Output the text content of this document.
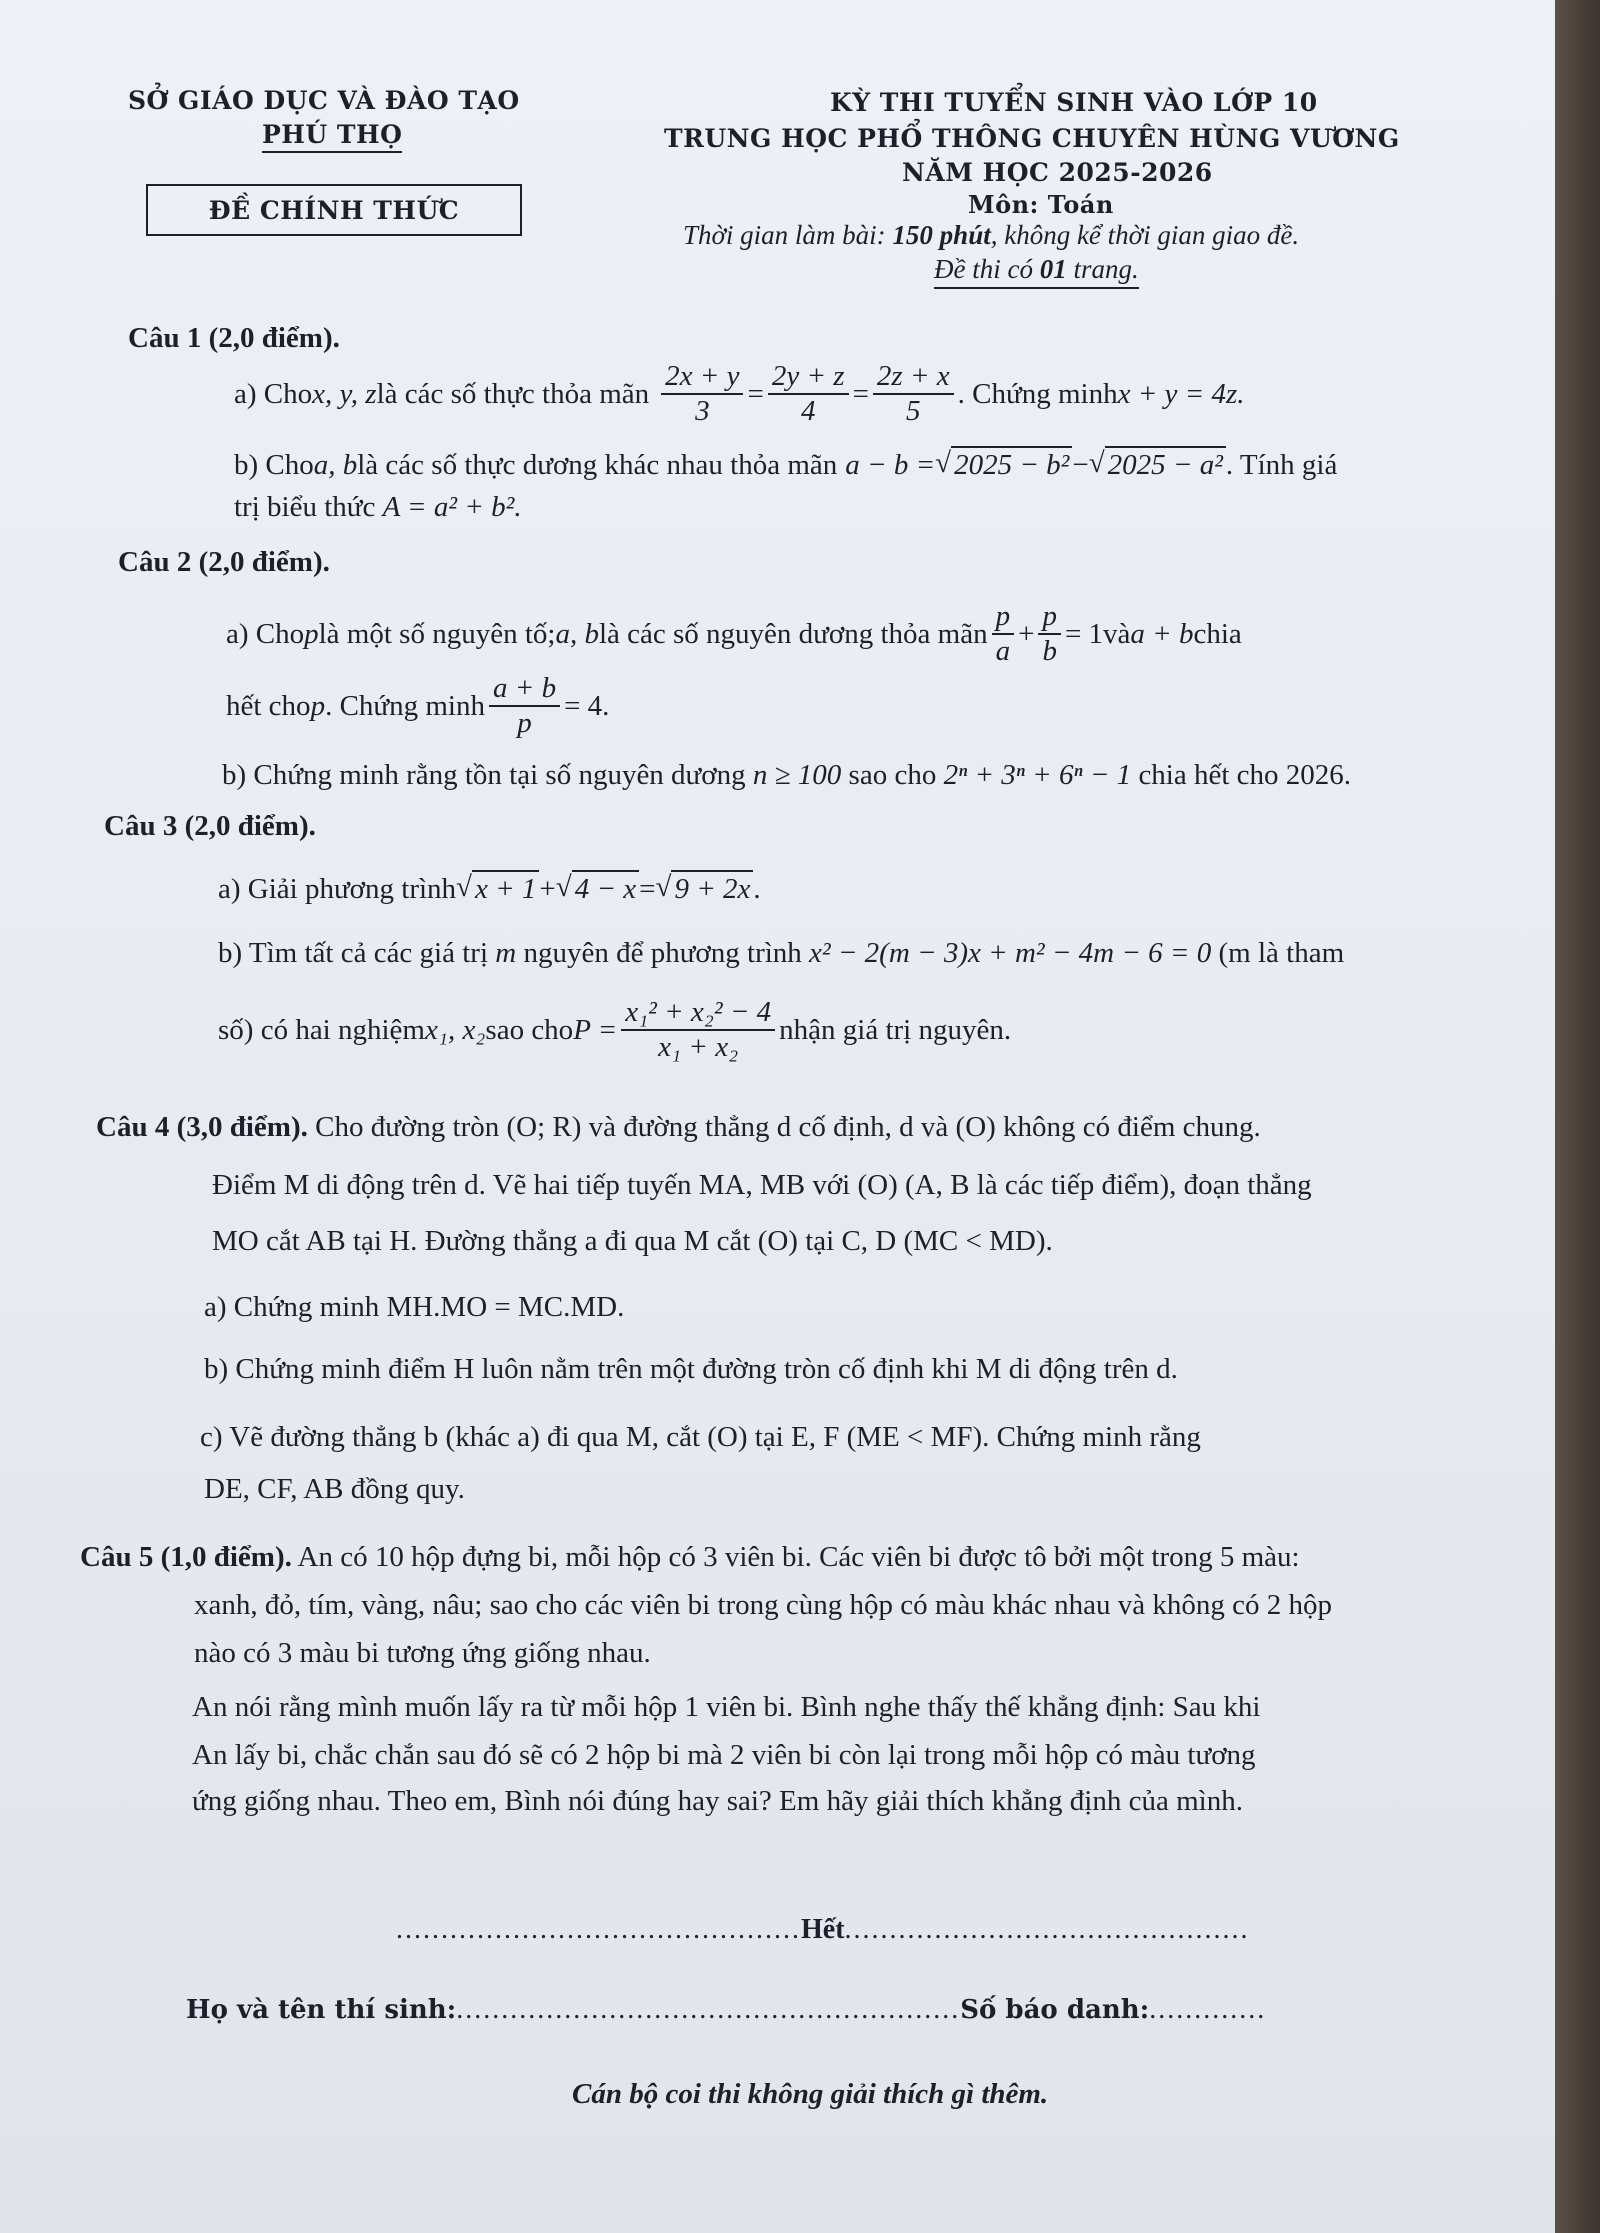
SỞ GIÁO DỤC VÀ ĐÀO TẠO
PHÚ THỌ
ĐỀ CHÍNH THỨC
KỲ THI TUYỂN SINH VÀO LỚP 10
TRUNG HỌC PHỔ THÔNG CHUYÊN HÙNG VƯƠNG
NĂM HỌC 2025-2026
Môn: Toán
Thời gian làm bài: 150 phút, không kể thời gian giao đề.
Đề thi có 01 trang.
Câu 1 (2,0 điểm).
a) Cho x, y, z là các số thực thỏa mãn $\frac{2x + y}{3} = \frac{2y + z}{4} = \frac{2z + x}{5}$ . Chứng minh x + y = 4z.
b) Cho a, b là các số thực dương khác nhau thỏa mãn a − b = √ 2025 − b² − √ 2025 − a² . Tính giá
trị biểu thức A = a² + b².
Câu 2 (2,0 điểm).
a) Cho p là một số nguyên tố; a, b là các số nguyên dương thỏa mãn $\frac{p}{a} + \frac{p}{b} = 1$ và a + b chia
hết cho p . Chứng minh $\frac{a + b}{p} = 4$.
b) Chứng minh rằng tồn tại số nguyên dương n ≥ 100 sao cho 2ⁿ + 3ⁿ + 6ⁿ − 1 chia hết cho 2026.
Câu 3 (2,0 điểm).
a) Giải phương trình √ x + 1 + √ 4 − x = √ 9 + 2x .
b) Tìm tất cả các giá trị m nguyên để phương trình x² − 2(m − 3)x + m² − 4m − 6 = 0 (m là tham
số) có hai nghiệm x₁, x₂ sao cho $P = \frac{\text{x₁² + x₂² − 4}}{\text{x₁ + x₂}}$ nhận giá trị nguyên.
Câu 4 (3,0 điểm). Cho đường tròn (O; R) và đường thẳng d cố định, d và (O) không có điểm chung.
Điểm M di động trên d. Vẽ hai tiếp tuyến MA, MB với (O) (A, B là các tiếp điểm), đoạn thẳng
MO cắt AB tại H. Đường thẳng a đi qua M cắt (O) tại C, D (MC < MD).
a) Chứng minh MH.MO = MC.MD.
b) Chứng minh điểm H luôn nằm trên một đường tròn cố định khi M di động trên d.
c) Vẽ đường thẳng b (khác a) đi qua M, cắt (O) tại E, F (ME < MF). Chứng minh rằng
DE, CF, AB đồng quy.
Câu 5 (1,0 điểm). An có 10 hộp đựng bi, mỗi hộp có 3 viên bi. Các viên bi được tô bởi một trong 5 màu:
xanh, đỏ, tím, vàng, nâu; sao cho các viên bi trong cùng hộp có màu khác nhau và không có 2 hộp
nào có 3 màu bi tương ứng giống nhau.
An nói rằng mình muốn lấy ra từ mỗi hộp 1 viên bi. Bình nghe thấy thế khẳng định: Sau khi
An lấy bi, chắc chắn sau đó sẽ có 2 hộp bi mà 2 viên bi còn lại trong mỗi hộp có màu tương
ứng giống nhau. Theo em, Bình nói đúng hay sai? Em hãy giải thích khẳng định của mình.
............................................. Hết .............................................
Họ và tên thí sinh: ........................................................ Số báo danh: .............
Cán bộ coi thi không giải thích gì thêm.
